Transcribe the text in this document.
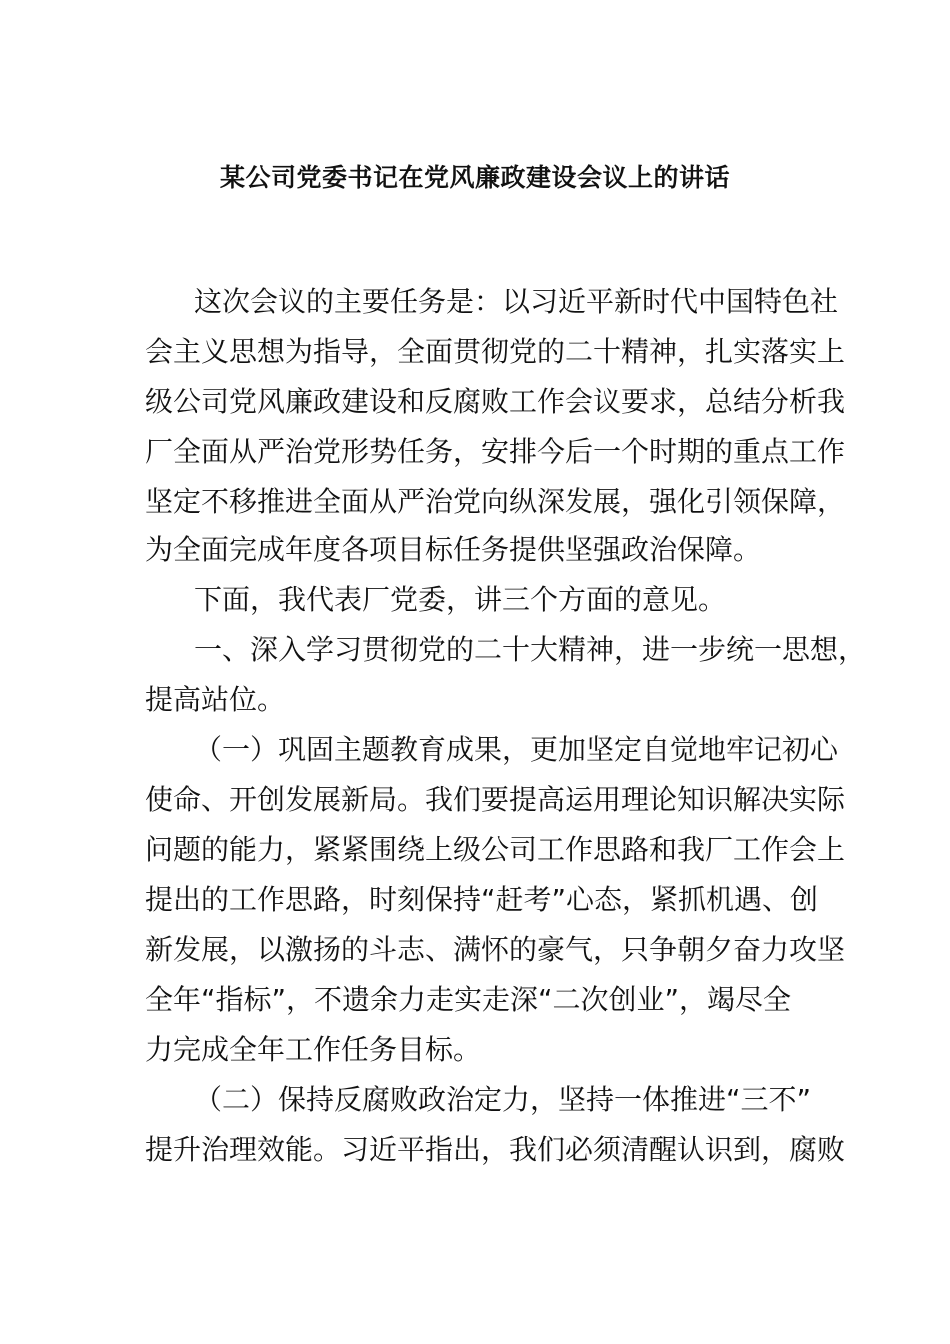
某公司党委书记在党风廉政建设会议上的讲话

这次会议的主要任务是：以习近平新时代中国特色社

会主义思想为指导，全面贯彻党的二十精神，扎实落实上

级公司党风廉政建设和反腐败工作会议要求，总结分析我

厂全面从严治党形势任务，安排今后一个时期的重点工作

坚定不移推进全面从严治党向纵深发展，强化引领保障，

为全面完成年度各项目标任务提供坚强政治保障。

下面，我代表厂党委，讲三个方面的意见。

一、深入学习贯彻党的二十大精神，进一步统一思想，

提高站位。

（一）巩固主题教育成果，更加坚定自觉地牢记初心

使命、开创发展新局。我们要提高运用理论知识解决实际

问题的能力，紧紧围绕上级公司工作思路和我厂工作会上

提出的工作思路，时刻保持“赶考”心态，紧抓机遇、创

新发展，以激扬的斗志、满怀的豪气，只争朝夕奋力攻坚

全年“指标”，不遗余力走实走深“二次创业”，竭尽全

力完成全年工作任务目标。

（二）保持反腐败政治定力，坚持一体推进“三不”

提升治理效能。习近平指出，我们必须清醒认识到，腐败
